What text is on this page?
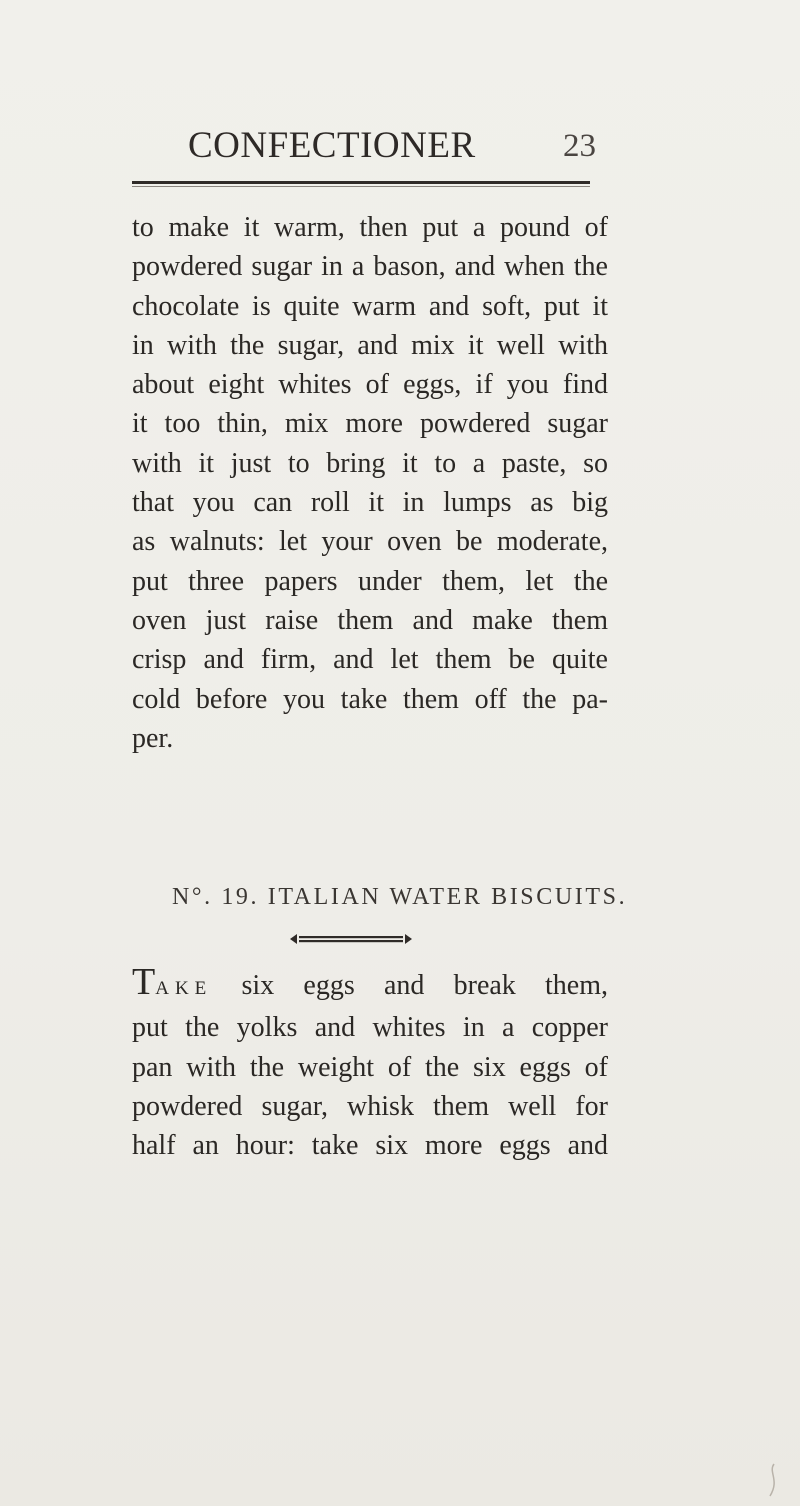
CONFECTIONER	23
to make it warm, then put a pound of
powdered sugar in a bason, and when the
chocolate is quite warm and soft, put it
in with the sugar, and mix it well with
about eight whites of eggs, if you find
it too thin, mix more powdered sugar
with it just to bring it to a paste, so
that you can roll it in lumps as big
as walnuts: let your oven be moderate,
put three papers under them, let the
oven just raise them and make them
crisp and firm, and let them be quite
cold before you take them off the pa-
per.
N°. 19. ITALIAN WATER BISCUITS.
TAKE six eggs and break them,
put the yolks and whites in a copper
pan with the weight of the six eggs of
powdered sugar, whisk them well for
half an hour: take six more eggs and
